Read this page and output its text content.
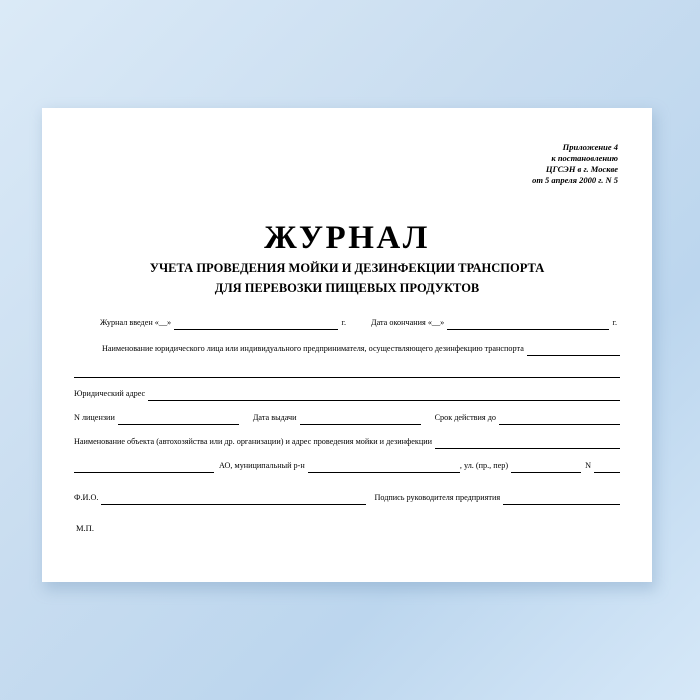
Приложение 4
к постановлению
ЦГСЭН в г. Москве
от 5 апреля 2000 г. N 5
ЖУРНАЛ
УЧЕТА ПРОВЕДЕНИЯ МОЙКИ И ДЕЗИНФЕКЦИИ ТРАНСПОРТА
ДЛЯ ПЕРЕВОЗКИ ПИЩЕВЫХ ПРОДУКТОВ
Журнал введен «__»	г.	Дата окончания «__»	г.
Наименование юридического лица или индивидуального предпринимателя, осуществляющего дезинфекцию транспорта
Юридический адрес
N лицензии	Дата выдачи	Срок действия до
Наименование объекта (автохозяйства или др. организации) и адрес проведения мойки и дезинфекции
АО, муниципальный р-н	, ул. (пр., пер)	N
Ф.И.О.	Подпись руководителя предприятия
М.П.
